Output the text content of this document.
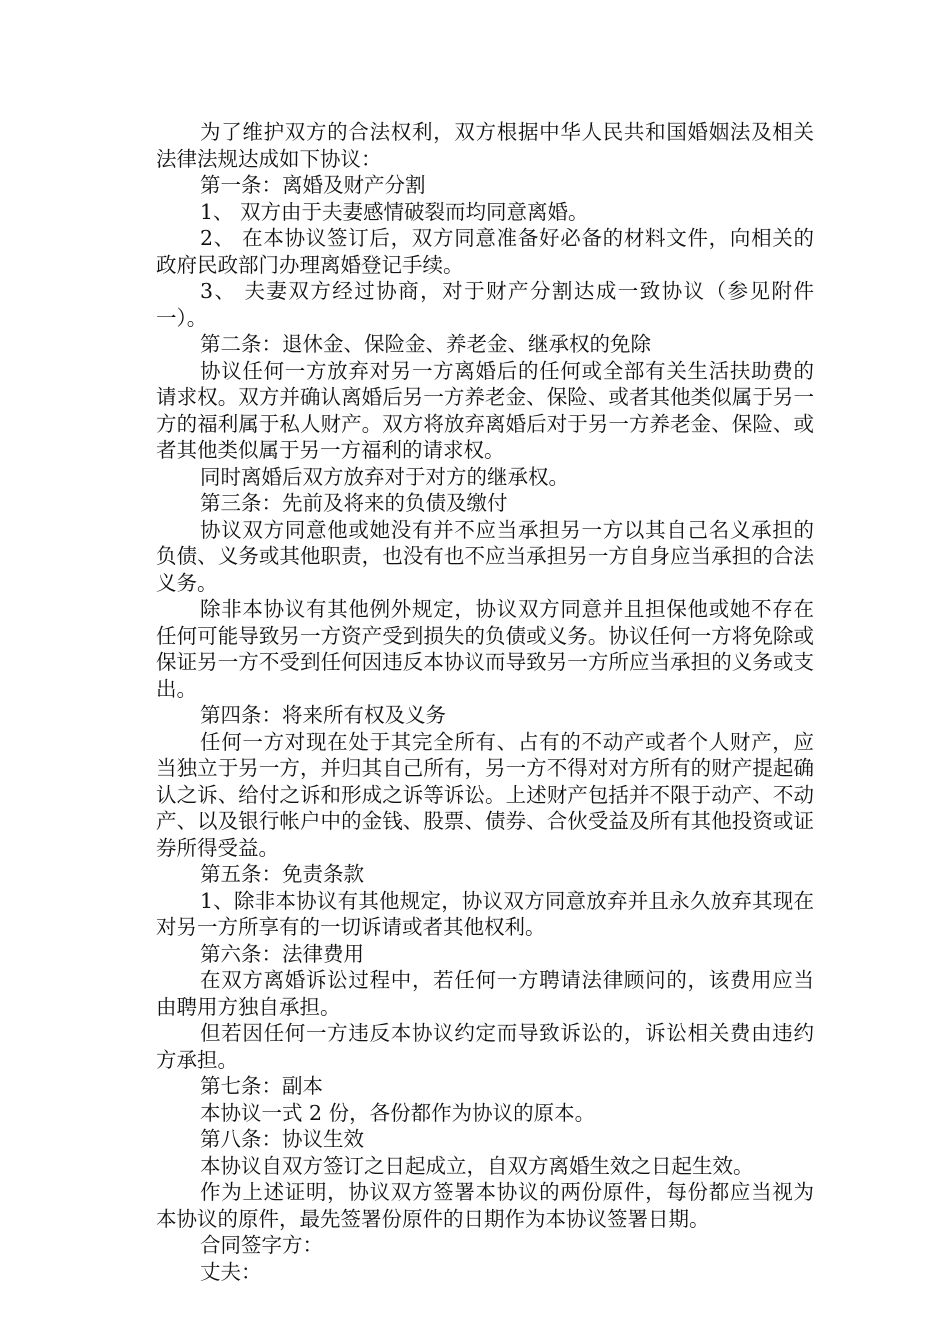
为了维护双方的合法权利，双方根据中华人民共和国婚姻法及相关法律法规达成如下协议：

第一条：离婚及财产分割

1、 双方由于夫妻感情破裂而均同意离婚。

2、 在本协议签订后，双方同意准备好必备的材料文件，向相关的政府民政部门办理离婚登记手续。

3、 夫妻双方经过协商，对于财产分割达成一致协议（参见附件一）。

第二条：退休金、保险金、养老金、继承权的免除

协议任何一方放弃对另一方离婚后的任何或全部有关生活扶助费的请求权。双方并确认离婚后另一方养老金、保险、或者其他类似属于另一方的福利属于私人财产。双方将放弃离婚后对于另一方养老金、保险、或者其他类似属于另一方福利的请求权。

同时离婚后双方放弃对于对方的继承权。

第三条：先前及将来的负债及缴付

协议双方同意他或她没有并不应当承担另一方以其自己名义承担的负债、义务或其他职责，也没有也不应当承担另一方自身应当承担的合法义务。

除非本协议有其他例外规定，协议双方同意并且担保他或她不存在任何可能导致另一方资产受到损失的负债或义务。协议任何一方将免除或保证另一方不受到任何因违反本协议而导致另一方所应当承担的义务或支出。

第四条：将来所有权及义务

任何一方对现在处于其完全所有、占有的不动产或者个人财产，应当独立于另一方，并归其自己所有，另一方不得对对方所有的财产提起确认之诉、给付之诉和形成之诉等诉讼。上述财产包括并不限于动产、不动产、以及银行帐户中的金钱、股票、债券、合伙受益及所有其他投资或证券所得受益。

第五条：免责条款

1、除非本协议有其他规定，协议双方同意放弃并且永久放弃其现在对另一方所享有的一切诉请或者其他权利。

第六条：法律费用

在双方离婚诉讼过程中，若任何一方聘请法律顾问的，该费用应当由聘用方独自承担。

但若因任何一方违反本协议约定而导致诉讼的，诉讼相关费由违约方承担。

第七条：副本

本协议一式 2 份，各份都作为协议的原本。

第八条：协议生效

本协议自双方签订之日起成立，自双方离婚生效之日起生效。

作为上述证明，协议双方签署本协议的两份原件，每份都应当视为本协议的原件，最先签署份原件的日期作为本协议签署日期。

合同签字方：

丈夫：
